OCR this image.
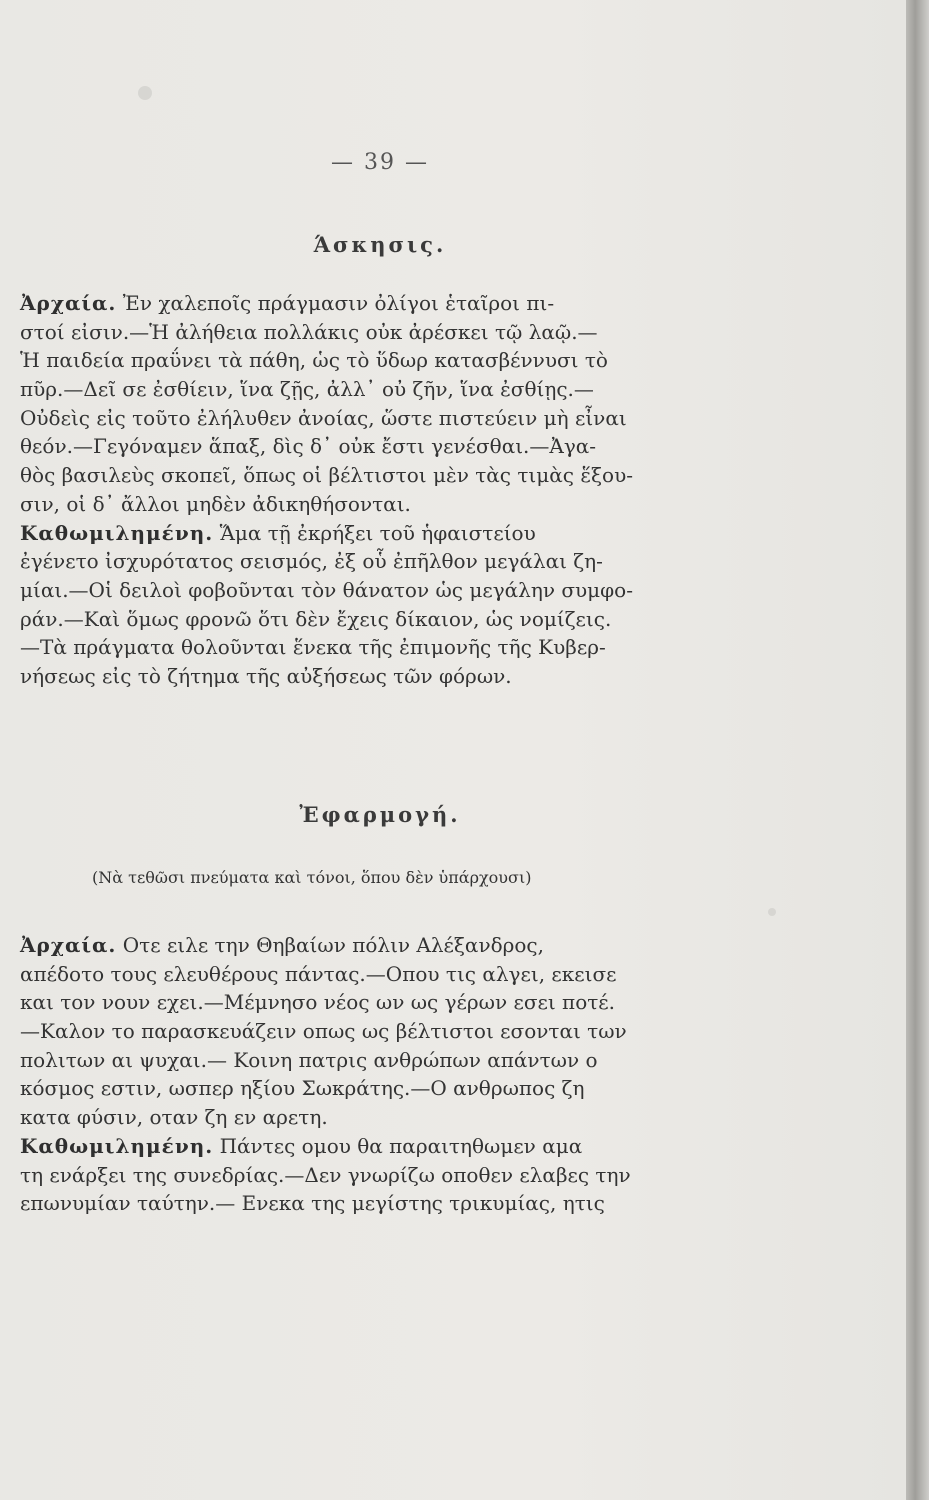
— 39 —
Άσκησις.
Ἀρχαία. Ἐν χαλεποῖς πράγμασιν ὀλίγοι ἑταῖροι πι-
στοί εἰσιν.—Ἡ ἀλήθεια πολλάκις οὐκ ἀρέσκει τῷ λαῷ.—
Ἡ παιδεία πραΰνει τὰ πάθη, ὡς τὸ ὕδωρ κατασβέννυσι τὸ
πῦρ.—Δεῖ σε ἐσθίειν, ἵνα ζῇς, ἀλλ᾽ οὐ ζῆν, ἵνα ἐσθίῃς.—
Οὐδεὶς εἰς τοῦτο ἐλήλυθεν ἀνοίας, ὥστε πιστεύειν μὴ εἶναι
θεόν.—Γεγόναμεν ἅπαξ, δὶς δ᾽ οὐκ ἔστι γενέσθαι.—Ἀγα-
θὸς βασιλεὺς σκοπεῖ, ὅπως οἱ βέλτιστοι μὲν τὰς τιμὰς ἕξου-
σιν, οἱ δ᾽ ἄλλοι μηδὲν ἀδικηθήσονται.
Καθωμιλημένη. Ἅμα τῇ ἐκρήξει τοῦ ἡφαιστείου
ἐγένετο ἰσχυρότατος σεισμός, ἐξ οὗ ἐπῆλθον μεγάλαι ζη-
μίαι.—Οἱ δειλοὶ φοβοῦνται τὸν θάνατον ὡς μεγάλην συμφο-
ράν.—Καὶ ὅμως φρονῶ ὅτι δὲν ἔχεις δίκαιον, ὡς νομίζεις.
—Τὰ πράγματα θολοῦνται ἕνεκα τῆς ἐπιμονῆς τῆς Κυβερ-
νήσεως εἰς τὸ ζήτημα τῆς αὐξήσεως τῶν φόρων.
Ἐφαρμογή.
(Νὰ τεθῶσι πνεύματα καὶ τόνοι, ὅπου δὲν ὑπάρχουσι)
Ἀρχαία. Οτε ειλε την Θηβαίων πόλιν Αλέξανδρος,
απέδοτο τους ελευθέρους πάντας.—Οπου τις αλγει, εκεισε
και τον νουν εχει.—Μέμνησο νέος ων ως γέρων εσει ποτέ.
—Καλον το παρασκευάζειν οπως ως βέλτιστοι εσονται των
πολιτων αι ψυχαι.— Κοινη πατρις ανθρώπων απάντων ο
κόσμος εστιν, ωσπερ ηξίου Σωκράτης.—Ο ανθρωπος ζη
κατα φύσιν, οταν ζη εν αρετη.
Καθωμιλημένη. Πάντες ομου θα παραιτηθωμεν αμα
τη ενάρξει της συνεδρίας.—Δεν γνωρίζω οποθεν ελαβες την
επωνυμίαν ταύτην.— Ενεκα της μεγίστης τρικυμίας, ητις
